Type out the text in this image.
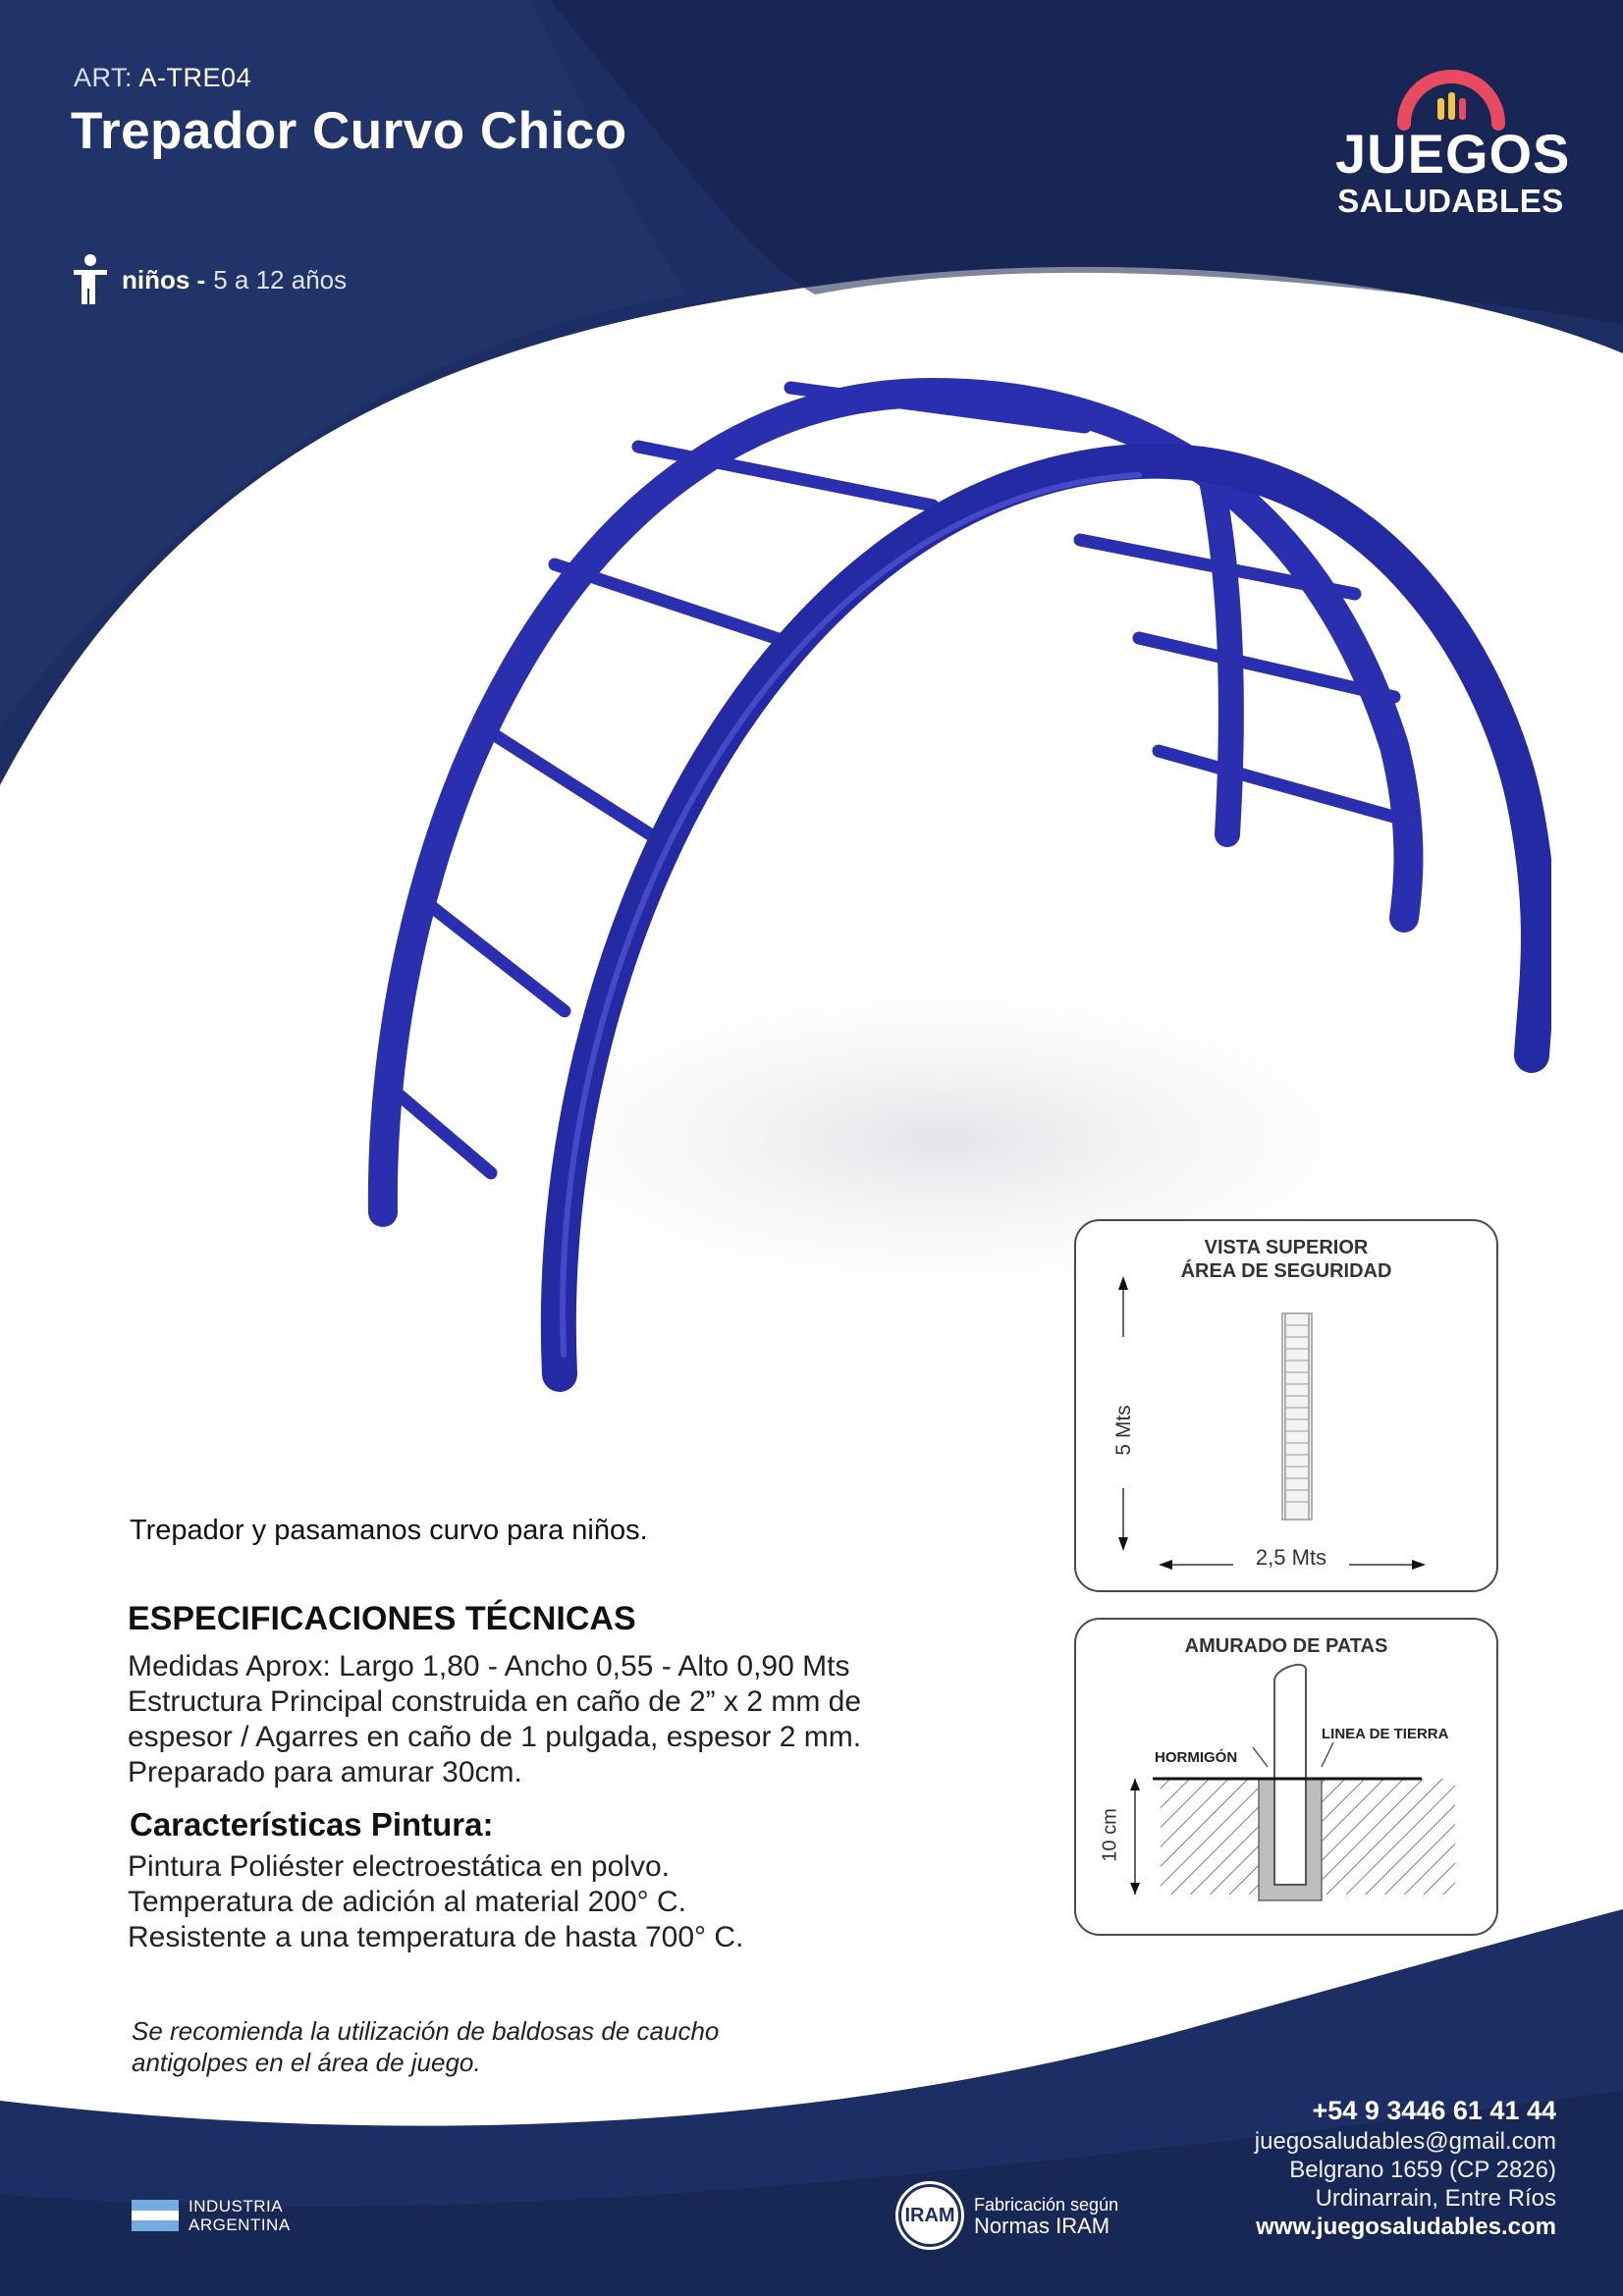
ART: A-TRE04
Trepador Curvo Chico
niños - 5 a 12 años
JUEGOS
SALUDABLES
Trepador y pasamanos curvo para niños.
ESPECIFICACIONES TÉCNICAS
Medidas Aprox: Largo 1,80 - Ancho 0,55 - Alto 0,90 Mts
Estructura Principal construida en caño de 2” x 2 mm de
espesor / Agarres en caño de 1 pulgada, espesor 2 mm.
Preparado para amurar 30cm.
Características Pintura:
Pintura Poliéster electroestática en polvo.
Temperatura de adición al material 200° C.
Resistente a una temperatura de hasta 700° C.
Se recomienda la utilización de baldosas de caucho
antigolpes en el área de juego.
VISTA SUPERIOR
ÁREA DE SEGURIDAD
5 Mts
2,5 Mts
AMURADO DE PATAS
HORMIGÓN
LINEA DE TIERRA
10 cm
+54 9 3446 61 41 44
juegosaludables@gmail.com
Belgrano 1659 (CP 2826)
Urdinarrain, Entre Ríos
www.juegosaludables.com
INDUSTRIA
ARGENTINA	IRAM	Fabricación según
Normas IRAM
